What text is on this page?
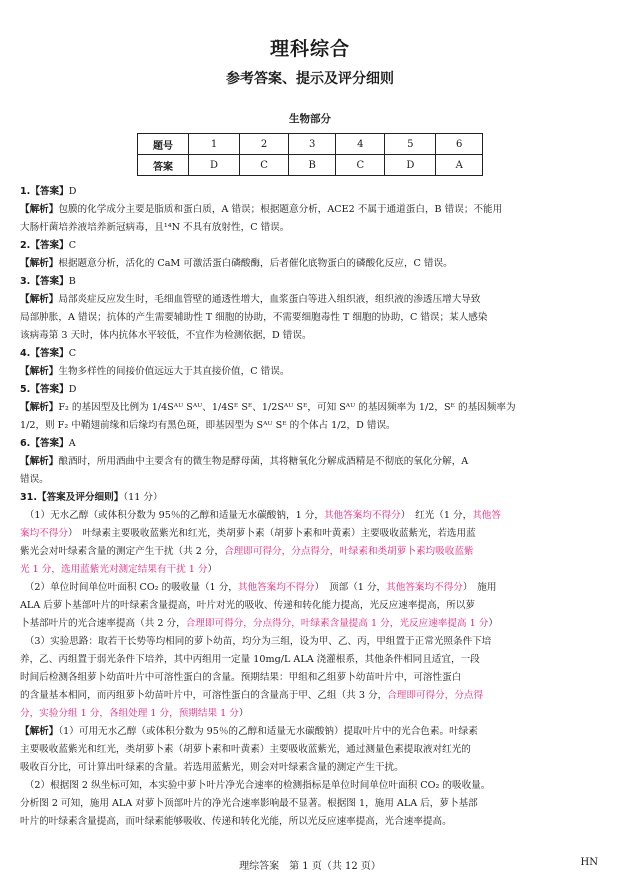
理科综合
参考答案、提示及评分细则
生物部分
题号	1	2	3	4	5	6
答案	D	C	B	C	D	A
1.【答案】D
【解析】包膜的化学成分主要是脂质和蛋白质，A 错误；根据题意分析，ACE2 不属于通道蛋白，B 错误；不能用
大肠杆菌培养液培养新冠病毒，且¹⁴N 不具有放射性，C 错误。
2.【答案】C
【解析】根据题意分析，活化的 CaM 可激活蛋白磷酸酶，后者催化底物蛋白的磷酸化反应，C 错误。
3.【答案】B
【解析】局部炎症反应发生时，毛细血管壁的通透性增大，血浆蛋白等进入组织液，组织液的渗透压增大导致
局部肿胀，A 错误；抗体的产生需要辅助性 T 细胞的协助，不需要细胞毒性 T 细胞的协助，C 错误；某人感染
该病毒第 3 天时，体内抗体水平较低，不宜作为检测依据，D 错误。
4.【答案】C
【解析】生物多样性的间接价值远远大于其直接价值，C 错误。
5.【答案】D
【解析】F₂ 的基因型及比例为 1/4Sᴬᵁ Sᴬᵁ、1/4Sᴱ Sᴱ、1/2Sᴬᵁ Sᴱ，可知 Sᴬᵁ 的基因频率为 1/2，Sᴱ 的基因频率为
1/2，则 F₂ 中鞘翅前缘和后缘均有黑色斑，即基因型为 Sᴬᵁ Sᴱ 的个体占 1/2，D 错误。
6.【答案】A
【解析】酿酒时，所用酒曲中主要含有的微生物是酵母菌，其将糖氧化分解成酒精是不彻底的氧化分解，A
错误。
31.【答案及评分细则】（11 分）
　（1）无水乙醇（或体积分数为 95％的乙醇和适量无水碳酸钠，1 分，其他答案均不得分）　红光（1 分，其他答
案均不得分）　叶绿素主要吸收蓝紫光和红光，类胡萝卜素（胡萝卜素和叶黄素）主要吸收蓝紫光，若选用蓝
紫光会对叶绿素含量的测定产生干扰（共 2 分，合理即可得分，分点得分，叶绿素和类胡萝卜素均吸收蓝紫
光 1 分，选用蓝紫光对测定结果有干扰 1 分）
　（2）单位时间单位叶面积 CO₂ 的吸收量（1 分，其他答案均不得分）　顶部（1 分，其他答案均不得分）　施用
ALA 后萝卜基部叶片的叶绿素含量提高，叶片对光的吸收、传递和转化能力提高，光反应速率提高，所以萝
卜基部叶片的光合速率提高（共 2 分，合理即可得分，分点得分，叶绿素含量提高 1 分，光反应速率提高 1 分）
　（3）实验思路：取若干长势等均相同的萝卜幼苗，均分为三组，设为甲、乙、丙，甲组置于正常光照条件下培
养，乙、丙组置于弱光条件下培养，其中丙组用一定量 10mg/L ALA 浇灌根系，其他条件相同且适宜，一段
时间后检测各组萝卜幼苗叶片中可溶性蛋白的含量。预期结果：甲组和乙组萝卜幼苗叶片中，可溶性蛋白
的含量基本相同，而丙组萝卜幼苗叶片中，可溶性蛋白的含量高于甲、乙组（共 3 分，合理即可得分，分点得
分，实验分组 1 分，各组处理 1 分，预期结果 1 分）
【解析】（1）可用无水乙醇（或体积分数为 95％的乙醇和适量无水碳酸钠）提取叶片中的光合色素。叶绿素
主要吸收蓝紫光和红光，类胡萝卜素（胡萝卜素和叶黄素）主要吸收蓝紫光，通过测量色素提取液对红光的
吸收百分比，可计算出叶绿素的含量。若选用蓝紫光，则会对叶绿素含量的测定产生干扰。
　（2）根据图 2 纵坐标可知，本实验中萝卜叶片净光合速率的检测指标是单位时间单位叶面积 CO₂ 的吸收量。
分析图 2 可知，施用 ALA 对萝卜顶部叶片的净光合速率影响最不显著。根据图 1，施用 ALA 后，萝卜基部
叶片的叶绿素含量提高，而叶绿素能够吸收、传递和转化光能，所以光反应速率提高，光合速率提高。
理综答案　第 1 页（共 12 页）	HN
